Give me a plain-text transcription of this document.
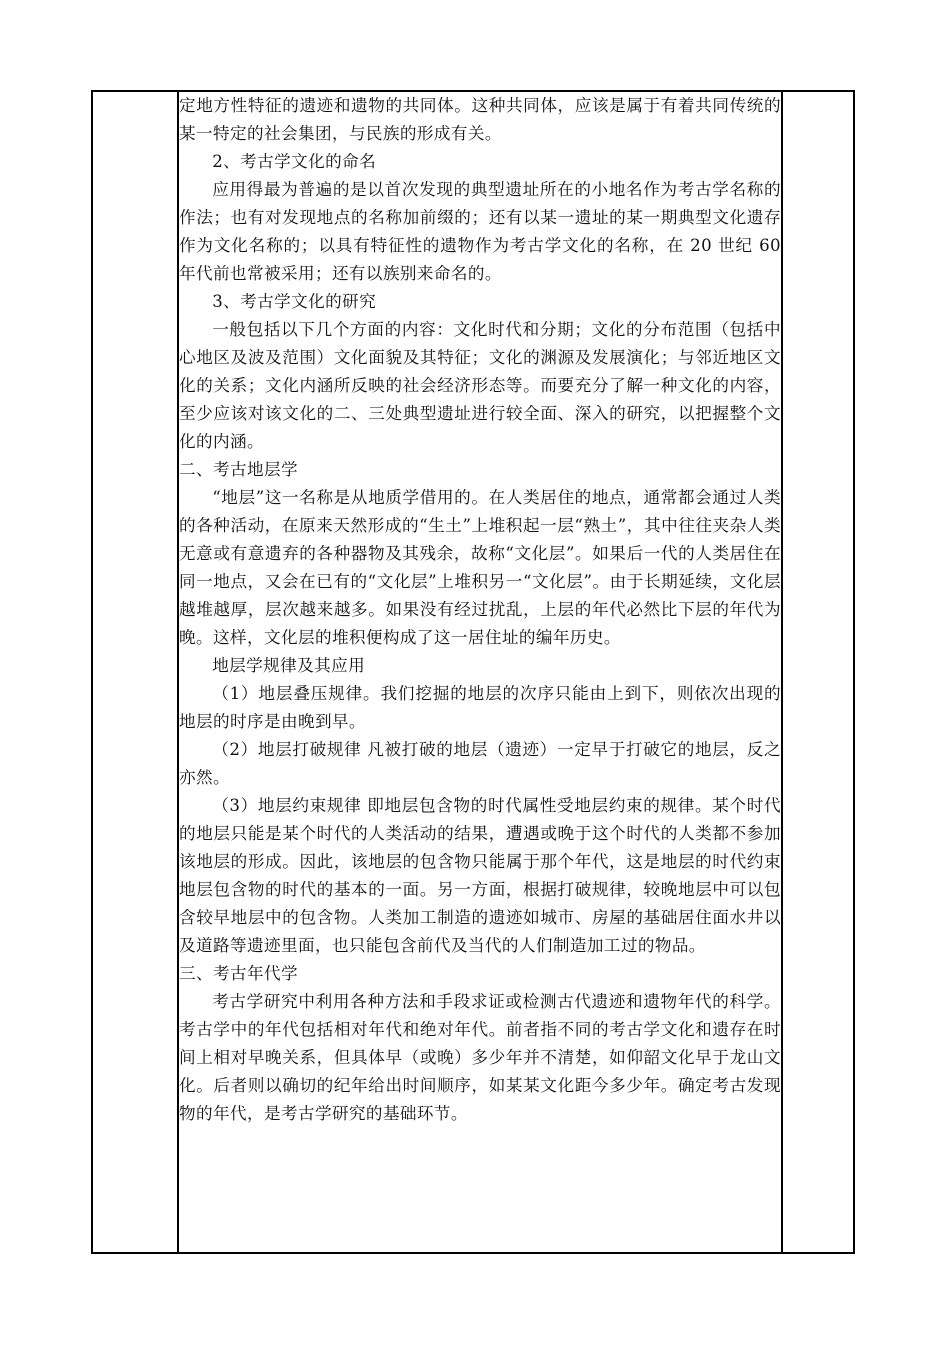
定地方性特征的遗迹和遗物的共同体。这种共同体，应该是属于有着共同传统的某一特定的社会集团，与民族的形成有关。

2、考古学文化的命名

应用得最为普遍的是以首次发现的典型遗址所在的小地名作为考古学名称的作法；也有对发现地点的名称加前缀的；还有以某一遗址的某一期典型文化遗存作为文化名称的；以具有特征性的遗物作为考古学文化的名称，在 20 世纪 60 年代前也常被采用；还有以族别来命名的。

3、考古学文化的研究

一般包括以下几个方面的内容：文化时代和分期；文化的分布范围（包括中心地区及波及范围）文化面貌及其特征；文化的渊源及发展演化；与邻近地区文化的关系；文化内涵所反映的社会经济形态等。而要充分了解一种文化的内容，至少应该对该文化的二、三处典型遗址进行较全面、深入的研究，以把握整个文化的内涵。

二、考古地层学

“地层”这一名称是从地质学借用的。在人类居住的地点，通常都会通过人类的各种活动，在原来天然形成的“生土”上堆积起一层“熟土”，其中往往夹杂人类无意或有意遗弃的各种器物及其残余，故称“文化层”。如果后一代的人类居住在同一地点，又会在已有的“文化层”上堆积另一“文化层”。由于长期延续，文化层越堆越厚，层次越来越多。如果没有经过扰乱，上层的年代必然比下层的年代为晚。这样，文化层的堆积便构成了这一居住址的编年历史。

地层学规律及其应用

（1）地层叠压规律。我们挖掘的地层的次序只能由上到下，则依次出现的地层的时序是由晚到早。

（2）地层打破规律 凡被打破的地层（遗迹）一定早于打破它的地层，反之亦然。

（3）地层约束规律 即地层包含物的时代属性受地层约束的规律。某个时代的地层只能是某个时代的人类活动的结果，遭遇或晚于这个时代的人类都不参加该地层的形成。因此，该地层的包含物只能属于那个年代，这是地层的时代约束地层包含物的时代的基本的一面。另一方面，根据打破规律，较晚地层中可以包含较早地层中的包含物。人类加工制造的遗迹如城市、房屋的基础居住面水井以及道路等遗迹里面，也只能包含前代及当代的人们制造加工过的物品。

三、考古年代学

考古学研究中利用各种方法和手段求证或检测古代遗迹和遗物年代的科学。考古学中的年代包括相对年代和绝对年代。前者指不同的考古学文化和遗存在时间上相对早晚关系，但具体早（或晚）多少年并不清楚，如仰韶文化早于龙山文化。后者则以确切的纪年给出时间顺序，如某某文化距今多少年。确定考古发现物的年代，是考古学研究的基础环节。
